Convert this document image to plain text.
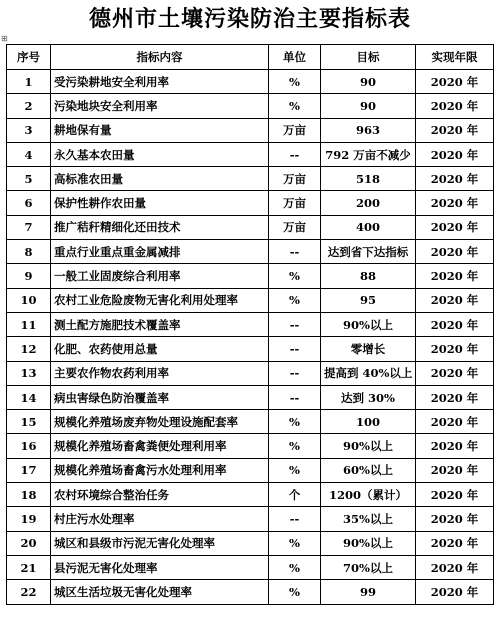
德州市土壤污染防治主要指标表
⊞
序号	指标内容	单位	目标	实现年限
1	受污染耕地安全利用率	%	90	2020 年
2	污染地块安全利用率	%	90	2020 年
3	耕地保有量	万亩	963	2020 年
4	永久基本农田量	--	792 万亩不减少	2020 年
5	高标准农田量	万亩	518	2020 年
6	保护性耕作农田量	万亩	200	2020 年
7	推广秸秆精细化还田技术	万亩	400	2020 年
8	重点行业重点重金属减排	--	达到省下达指标	2020 年
9	一般工业固废综合利用率	%	88	2020 年
10	农村工业危险废物无害化利用处理率	%	95	2020 年
11	测土配方施肥技术覆盖率	--	90%以上	2020 年
12	化肥、农药使用总量	--	零增长	2020 年
13	主要农作物农药利用率	--	提高到 40%以上	2020 年
14	病虫害绿色防治覆盖率	--	达到 30%	2020 年
15	规模化养殖场废弃物处理设施配套率	%	100	2020 年
16	规模化养殖场畜禽粪便处理利用率	%	90%以上	2020 年
17	规模化养殖场畜禽污水处理利用率	%	60%以上	2020 年
18	农村环境综合整治任务	个	1200（累计）	2020 年
19	村庄污水处理率	--	35%以上	2020 年
20	城区和县级市污泥无害化处理率	%	90%以上	2020 年
21	县污泥无害化处理率	%	70%以上	2020 年
22	城区生活垃圾无害化处理率	%	99	2020 年
